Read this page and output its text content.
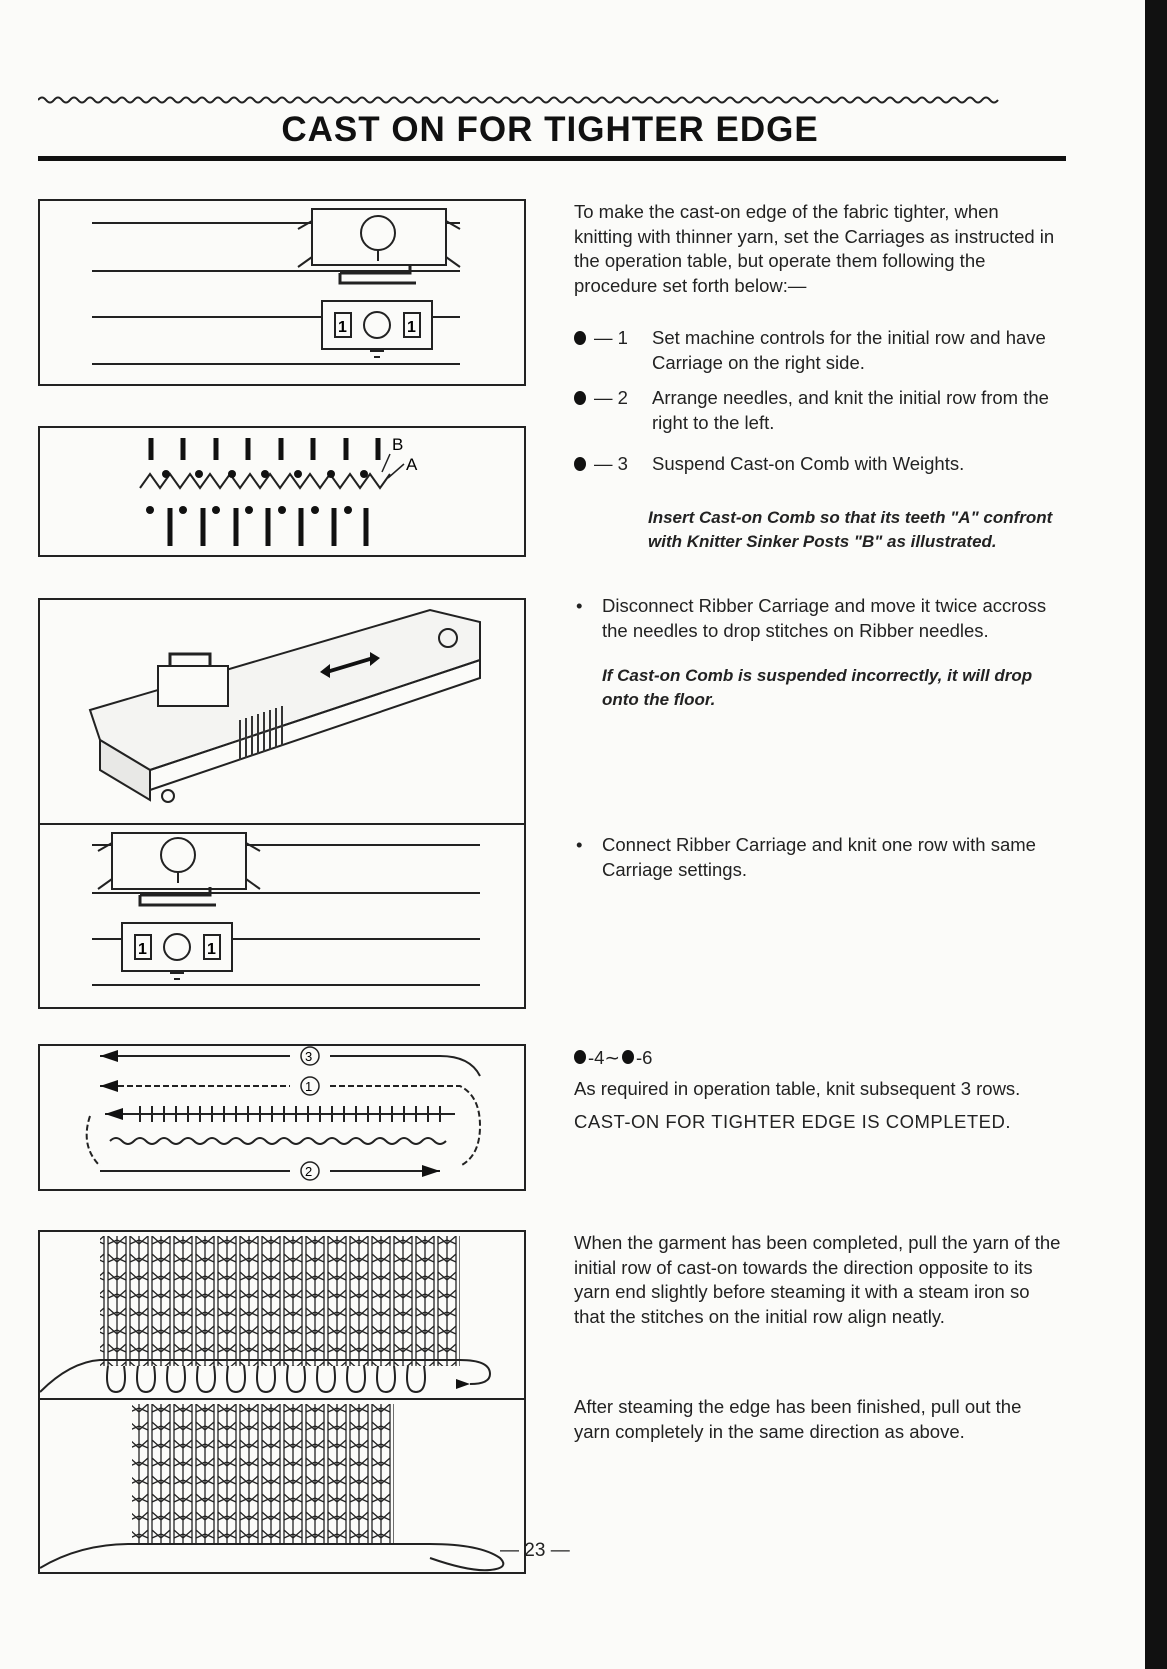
CAST ON FOR TIGHTER EDGE
1	1
B
A
1	1
3
1
2
To make the cast-on edge of the fabric tighter, when knitting with thinner yarn, set the Carriages as instructed in the operation table, but operate them following the procedure set forth below:—
— 1 Set machine controls for the initial row and have Carriage on the right side.
— 2 Arrange needles, and knit the initial row from the right to the left.
— 3 Suspend Cast-on Comb with Weights.
Insert Cast-on Comb so that its teeth "A" confront with Knitter Sinker Posts "B" as illustrated.
• Disconnect Ribber Carriage and move it twice accross the needles to drop stitches on Ribber needles.
If Cast-on Comb is suspended incorrectly, it will drop onto the floor.
• Connect Ribber Carriage and knit one row with same Carriage settings.
-4∼ -6
As required in operation table, knit subsequent 3 rows.
CAST-ON FOR TIGHTER EDGE IS COMPLETED.
When the garment has been completed, pull the yarn of the initial row of cast-on towards the direction opposite to its yarn end slightly before steaming it with a steam iron so that the stitches on the initial row align neatly.
After steaming the edge has been finished, pull out the yarn completely in the same direction as above.
— 23 —
